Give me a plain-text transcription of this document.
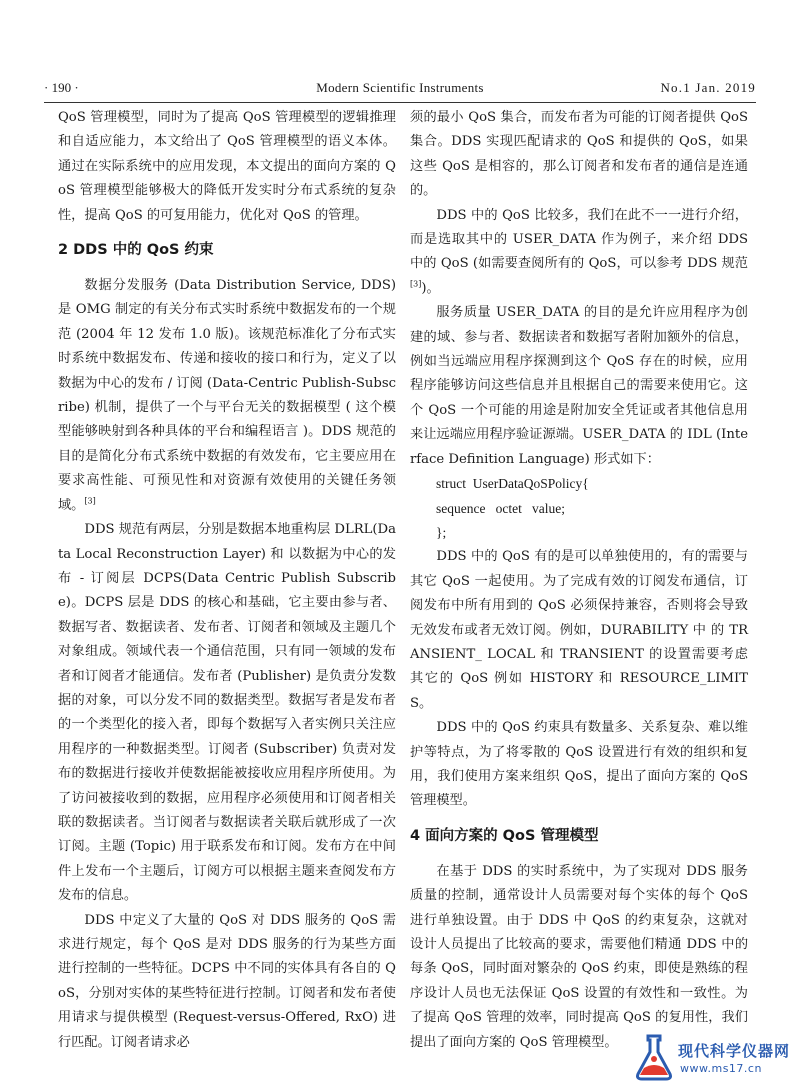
· 190 ·	Modern Scientific Instruments	No.1 Jan. 2019

QoS 管理模型，同时为了提高 QoS 管理模型的逻辑推理和自适应能力，本文给出了 QoS 管理模型的语义本体。通过在实际系统中的应用发现，本文提出的面向方案的 QoS 管理模型能够极大的降低开发实时分布式系统的复杂性，提高 QoS 的可复用能力，优化对 QoS 的管理。

2 DDS 中的 QoS 约束

数据分发服务 (Data Distribution Service, DDS) 是 OMG 制定的有关分布式实时系统中数据发布的一个规范 (2004 年 12 发布 1.0 版)。该规范标准化了分布式实时系统中数据发布、传递和接收的接口和行为，定义了以数据为中心的发布 / 订阅 (Data-Centric Publish-Subscribe) 机制，提供了一个与平台无关的数据模型 ( 这个模型能够映射到各种具体的平台和编程语言 )。DDS 规范的目的是简化分布式系统中数据的有效发布，它主要应用在要求高性能、可预见性和对资源有效使用的关键任务领域。[3]

DDS 规范有两层，分别是数据本地重构层 DLRL(Data Local Reconstruction Layer) 和 以数据为中心的发布 - 订阅层 DCPS(Data Centric Publish Subscribe)。DCPS 层是 DDS 的核心和基础，它主要由参与者、数据写者、数据读者、发布者、订阅者和领域及主题几个对象组成。领域代表一个通信范围，只有同一领域的发布者和订阅者才能通信。发布者 (Publisher) 是负责分发数据的对象，可以分发不同的数据类型。数据写者是发布者的一个类型化的接入者，即每个数据写入者实例只关注应用程序的一种数据类型。订阅者 (Subscriber) 负责对发布的数据进行接收并使数据能被接收应用程序所使用。为了访问被接收到的数据，应用程序必须使用和订阅者相关联的数据读者。当订阅者与数据读者关联后就形成了一次订阅。主题 (Topic) 用于联系发布和订阅。发布方在中间件上发布一个主题后，订阅方可以根据主题来查阅发布方发布的信息。

DDS 中定义了大量的 QoS 对 DDS 服务的 QoS 需求进行规定，每个 QoS 是对 DDS 服务的行为某些方面进行控制的一些特征。DCPS 中不同的实体具有各自的 QoS，分别对实体的某些特征进行控制。订阅者和发布者使用请求与提供模型 (Request-versus-Offered, RxO) 进行匹配。订阅者请求必

须的最小 QoS 集合，而发布者为可能的订阅者提供 QoS 集合。DDS 实现匹配请求的 QoS 和提供的 QoS，如果这些 QoS 是相容的，那么订阅者和发布者的通信是连通的。

DDS 中的 QoS 比较多，我们在此不一一进行介绍，而是选取其中的 USER_DATA 作为例子，来介绍 DDS 中的 QoS (如需要查阅所有的 QoS，可以参考 DDS 规范[3])。

服务质量 USER_DATA 的目的是允许应用程序为创建的域、参与者、数据读者和数据写者附加额外的信息，例如当远端应用程序探测到这个 QoS 存在的时候，应用程序能够访问这些信息并且根据自己的需要来使用它。这个 QoS 一个可能的用途是附加安全凭证或者其他信息用来让远端应用程序验证源端。USER_DATA 的 IDL (Interface Definition Language) 形式如下：

struct  UserDataQoSPolicy{
sequence   octet   value;
};

DDS 中的 QoS 有的是可以单独使用的，有的需要与其它 QoS 一起使用。为了完成有效的订阅发布通信，订阅发布中所有用到的 QoS 必须保持兼容，否则将会导致无效发布或者无效订阅。例如，DURABILITY 中 的 TRANSIENT_ LOCAL 和 TRANSIENT 的设置需要考虑其它的 QoS 例如 HISTORY 和 RESOURCE_LIMITS。

DDS 中的 QoS 约束具有数量多、关系复杂、难以维护等特点，为了将零散的 QoS 设置进行有效的组织和复用，我们使用方案来组织 QoS，提出了面向方案的 QoS 管理模型。

4 面向方案的 QoS 管理模型

在基于 DDS 的实时系统中，为了实现对 DDS 服务质量的控制，通常设计人员需要对每个实体的每个 QoS 进行单独设置。由于 DDS 中 QoS 的约束复杂，这就对设计人员提出了比较高的要求，需要他们精通 DDS 中的每条 QoS，同时面对繁杂的 QoS 约束，即使是熟练的程序设计人员也无法保证 QoS 设置的有效性和一致性。为了提高 QoS 管理的效率，同时提高 QoS 的复用性，我们提出了面向方案的 QoS 管理模型。	现代科学仪器网
www.ms17.cn
